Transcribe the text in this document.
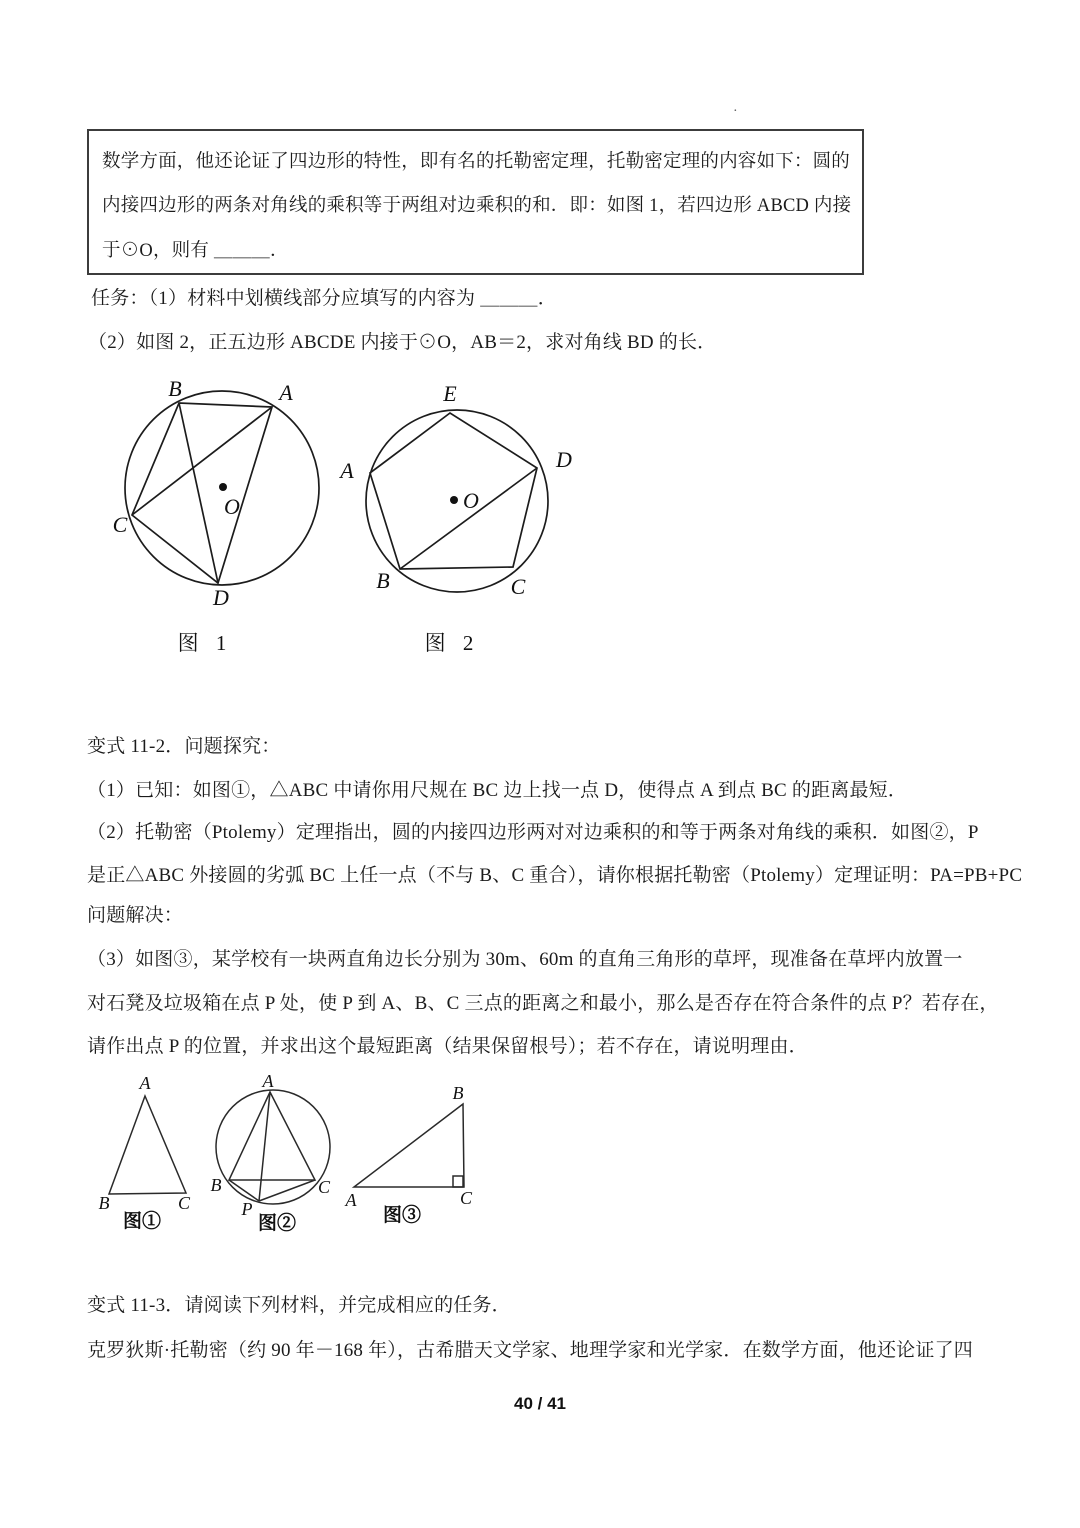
·
数学方面，他还论证了四边形的特性，即有名的托勒密定理，托勒密定理的内容如下：圆的
内接四边形的两条对角线的乘积等于两组对边乘积的和．即：如图 1，若四边形 ABCD 内接
于⊙O，则有 ＿＿＿．
任务：（1）材料中划横线部分应填写的内容为 ＿＿＿．
（2）如图 2，正五边形 ABCDE 内接于⊙O，AB＝2，求对角线 BD 的长．
B	A
C
D
O
图 1
E
D
A
B	C
O
图 2
变式 11-2．问题探究：
（1）已知：如图①，△ABC 中请你用尺规在 BC 边上找一点 D，使得点 A 到点 BC 的距离最短．
（2）托勒密（Ptolemy）定理指出，圆的内接四边形两对对边乘积的和等于两条对角线的乘积．如图②，P
是正△ABC 外接圆的劣弧 BC 上任一点（不与 B、C 重合），请你根据托勒密（Ptolemy）定理证明：PA=PB+PC
问题解决：
（3）如图③，某学校有一块两直角边长分别为 30m、60m 的直角三角形的草坪，现准备在草坪内放置一
对石凳及垃圾箱在点 P 处，使 P 到 A、B、C 三点的距离之和最小，那么是否存在符合条件的点 P？若存在，
请作出点 P 的位置，并求出这个最短距离（结果保留根号）；若不存在，请说明理由．
A
B	C
图①
A
B	C
P
图②
B
A	C
图③
变式 11-3．请阅读下列材料，并完成相应的任务．
克罗狄斯·托勒密（约 90 年－168 年），古希腊天文学家、地理学家和光学家．在数学方面，他还论证了四
40 / 41
